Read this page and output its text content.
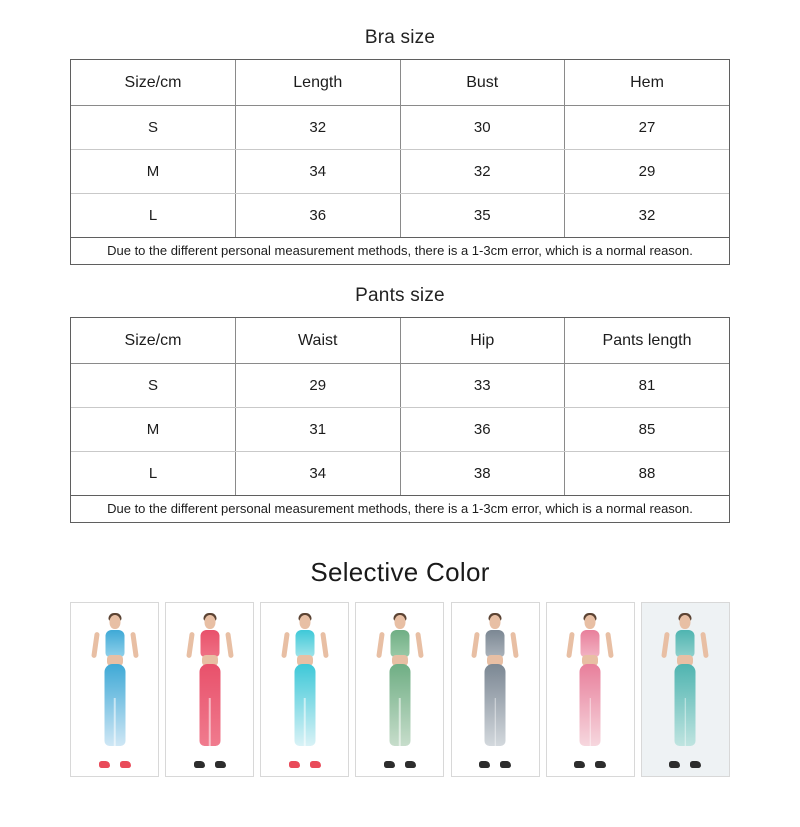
Bra size
Size/cm	Length	Bust	Hem
S	32	30	27
M	34	32	29
L	36	35	32
Due to the different personal measurement methods, there is a 1-3cm error, which is a normal reason.
Pants size
Size/cm	Waist	Hip	Pants length
S	29	33	81
M	31	36	85
L	34	38	88
Due to the different personal measurement methods, there is a 1-3cm error, which is a normal reason.
Selective Color
